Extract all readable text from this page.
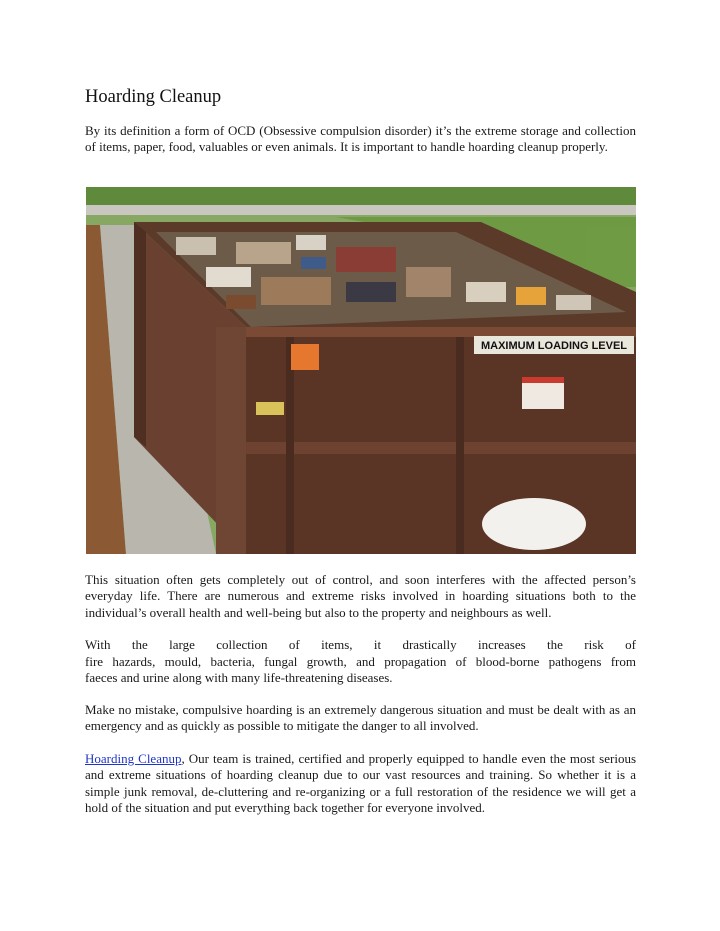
Hoarding Cleanup

By its definition a form of OCD (Obsessive compulsion disorder) it’s the extreme storage and collection of items, paper, food, valuables or even animals. It is important to handle hoarding cleanup properly.

MAXIMUM LOADING LEVEL

This situation often gets completely out of control, and soon interferes with the affected person’s everyday life. There are numerous and extreme risks involved in hoarding situations both to the individual’s overall health and well-being but also to the property and neighbours as well.

With the large collection of items, it drastically increases the risk of

fire hazards, mould, bacteria, fungal growth, and propagation of blood-borne pathogens from

faeces and urine along with many life-threatening diseases.

Make no mistake, compulsive hoarding is an extremely dangerous situation and must be dealt with as an emergency and as quickly as possible to mitigate the danger to all involved.

Hoarding Cleanup, Our team is trained, certified and properly equipped to handle even the most serious and extreme situations of hoarding cleanup due to our vast resources and training. So whether it is a simple junk removal, de-cluttering and re-organizing or a full restoration of the residence we will get a hold of the situation and put everything back together for everyone involved.
